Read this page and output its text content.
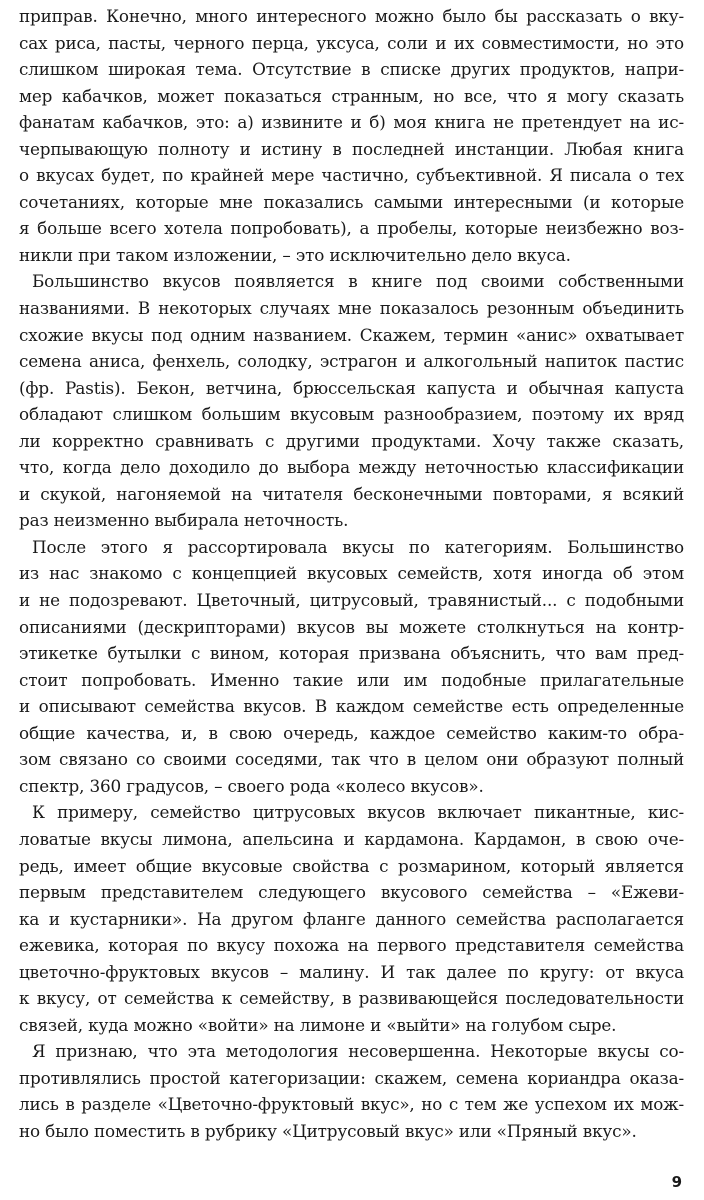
приправ. Конечно, много интересного можно было бы рассказать о вку-
сах риса, пасты, черного перца, уксуса, соли и их совместимости, но это
слишком широкая тема. Отсутствие в списке других продуктов, напри-
мер кабачков, может показаться странным, но все, что я могу сказать
фанатам кабачков, это: а) извините и б) моя книга не претендует на ис-
черпывающую полноту и истину в последней инстанции. Любая книга
о вкусах будет, по крайней мере частично, субъективной. Я писала о тех
сочетаниях, которые мне показались самыми интересными (и которые
я больше всего хотела попробовать), а пробелы, которые неизбежно воз-
никли при таком изложении, – это исключительно дело вкуса.
Большинство вкусов появляется в книге под своими собственными
названиями. В некоторых случаях мне показалось резонным объединить
схожие вкусы под одним названием. Скажем, термин «анис» охватывает
семена аниса, фенхель, солодку, эстрагон и алкогольный напиток пастис
(фр. Pastis). Бекон, ветчина, брюссельская капуста и обычная капуста
обладают слишком большим вкусовым разнообразием, поэтому их вряд
ли корректно сравнивать с другими продуктами. Хочу также сказать,
что, когда дело доходило до выбора между неточностью классификации
и скукой, нагоняемой на читателя бесконечными повторами, я всякий
раз неизменно выбирала неточность.
После этого я рассортировала вкусы по категориям. Большинство
из нас знакомо с концепцией вкусовых семейств, хотя иногда об этом
и не подозревают. Цветочный, цитрусовый, травянистый... с подобными
описаниями (дескрипторами) вкусов вы можете столкнуться на контр-
этикетке бутылки с вином, которая призвана объяснить, что вам пред-
стоит попробовать. Именно такие или им подобные прилагательные
и описывают семейства вкусов. В каждом семействе есть определенные
общие качества, и, в свою очередь, каждое семейство каким-то обра-
зом связано со своими соседями, так что в целом они образуют полный
спектр, 360 градусов, – своего рода «колесо вкусов».
К примеру, семейство цитрусовых вкусов включает пикантные, кис-
ловатые вкусы лимона, апельсина и кардамона. Кардамон, в свою оче-
редь, имеет общие вкусовые свойства с розмарином, который является
первым представителем следующего вкусового семейства – «Ежеви-
ка и кустарники». На другом фланге данного семейства располагается
ежевика, которая по вкусу похожа на первого представителя семейства
цветочно-фруктовых вкусов – малину. И так далее по кругу: от вкуса
к вкусу, от семейства к семейству, в развивающейся последовательности
связей, куда можно «войти» на лимоне и «выйти» на голубом сыре.
Я признаю, что эта методология несовершенна. Некоторые вкусы со-
противлялись простой категоризации: скажем, семена кориандра оказа-
лись в разделе «Цветочно-фруктовый вкус», но с тем же успехом их мож-
но было поместить в рубрику «Цитрусовый вкус» или «Пряный вкус».
9
